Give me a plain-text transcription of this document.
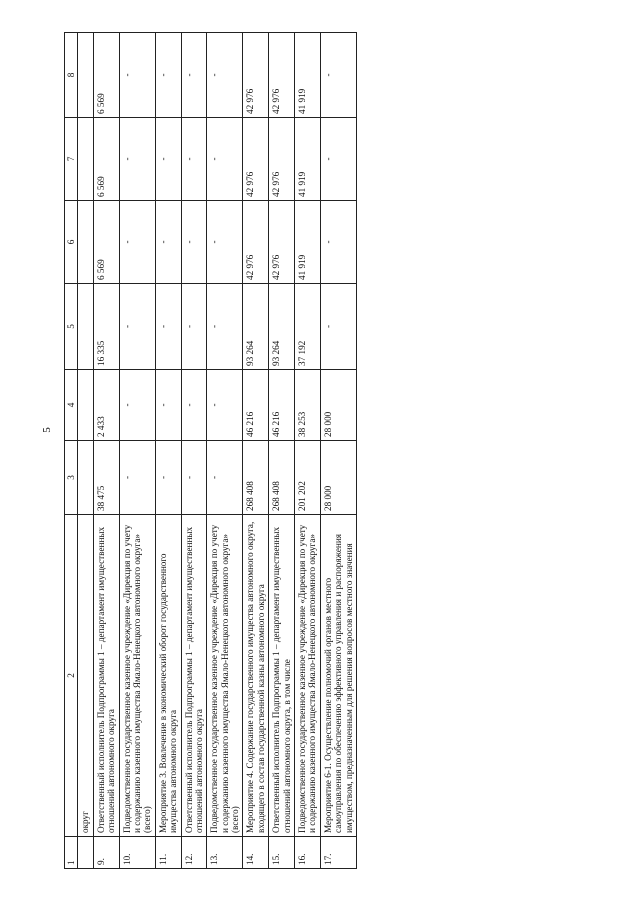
5
1	2	3	4	5	6	7	8
	округ						
9.	Ответственный исполнитель Подпрограммы 1 – департамент имущественных отношений автономного округа	38 475	2 433	16 335	6 569	6 569	6 569
10.	Подведомственное государственное казенное учреждение «Дирекция по учету и содержанию казенного имущества Ямало-Ненецкого автономного округа» (всего)	-	-	-	-	-	-
11.	Мероприятие 3. Вовлечение в экономический оборот государственного имущества автономного округа	-	-	-	-	-	-
12.	Ответственный исполнитель Подпрограммы 1 – департамент имущественных отношений автономного округа	-	-	-	-	-	-
13.	Подведомственное государственное казенное учреждение «Дирекция по учету и содержанию казенного имущества Ямало-Ненецкого автономного округа» (всего)	-	-	-	-	-	-
14.	Мероприятие 4. Содержание государственного имущества автономного округа, входящего в состав государственной казны автономного округа	268 408	46 216	93 264	42 976	42 976	42 976
15.	Ответственный исполнитель Подпрограммы 1 – департамент имущественных отношений автономного округа, в том числе	268 408	46 216	93 264	42 976	42 976	42 976
16.	Подведомственное государственное казенное учреждение «Дирекция по учету и содержанию казенного имущества Ямало-Ненецкого автономного округа»	201 202	38 253	37 192	41 919	41 919	41 919
17.	Мероприятие 6-1. Осуществление полномочий органов местного самоуправления по обеспечению эффективного управления и распоряжения имуществом, предназначенным для решения вопросов местного значения	28 000	28 000	-	-	-	-
